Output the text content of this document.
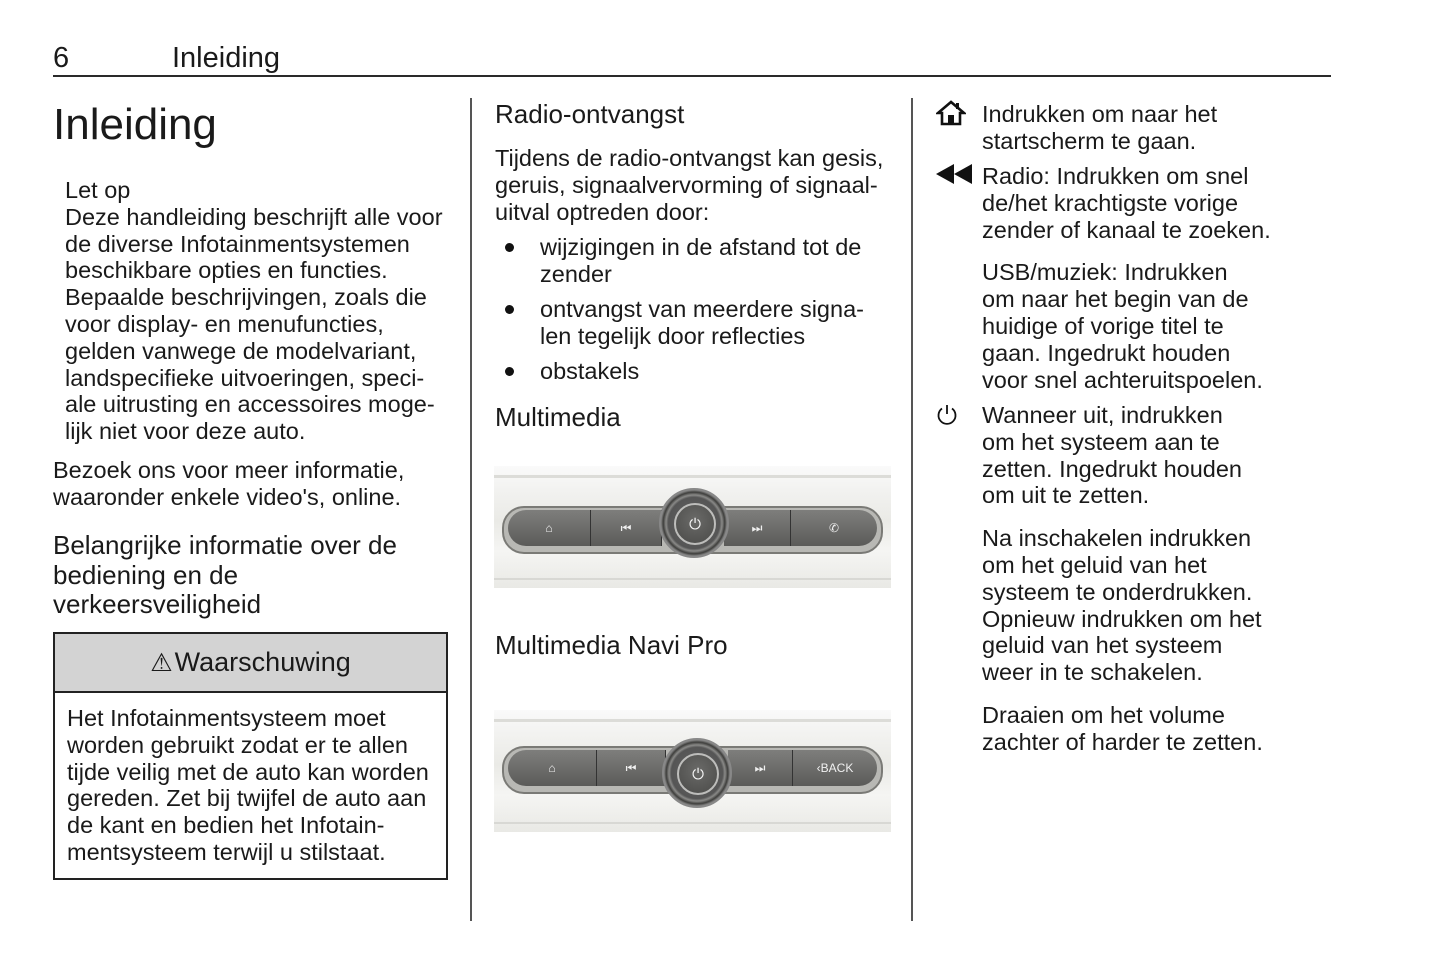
6	Inleiding
Inleiding
Let op
Deze handleiding beschrijft alle voor
de diverse Infotainmentsystemen
beschikbare opties en functies.
Bepaalde beschrijvingen, zoals die
voor display- en menufuncties,
gelden vanwege de modelvariant,
landspecifieke uitvoeringen, speci-
ale uitrusting en accessoires moge-
lijk niet voor deze auto.
Bezoek ons voor meer informatie,
waaronder enkele video's, online.
Belangrijke informatie over de
bediening en de
verkeersveiligheid
⚠ Waarschuwing
Het Infotainmentsysteem moet
worden gebruikt zodat er te allen
tijde veilig met de auto kan worden
gereden. Zet bij twijfel de auto aan
de kant en bedien het Infotain-
mentsysteem terwijl u stilstaat.
Radio-ontvangst
Tijdens de radio-ontvangst kan gesis,
geruis, signaalvervorming of signaal-
uitval optreden door:
wijzigingen in de afstand tot de
zender
ontvangst van meerdere signa-
len tegelijk door reflecties
obstakels
Multimedia
⌂	⏮	⏭	✆
⏻
Multimedia Navi Pro
⌂	⏮	⏭	‹BACK
⏻
Indrukken om naar het
startscherm te gaan.
Radio: Indrukken om snel
de/het krachtigste vorige
zender of kanaal te zoeken.
USB/muziek: Indrukken
om naar het begin van de
huidige of vorige titel te
gaan. Ingedrukt houden
voor snel achteruitspoelen.
Wanneer uit, indrukken
om het systeem aan te
zetten. Ingedrukt houden
om uit te zetten.
Na inschakelen indrukken
om het geluid van het
systeem te onderdrukken.
Opnieuw indrukken om het
geluid van het systeem
weer in te schakelen.
Draaien om het volume
zachter of harder te zetten.
